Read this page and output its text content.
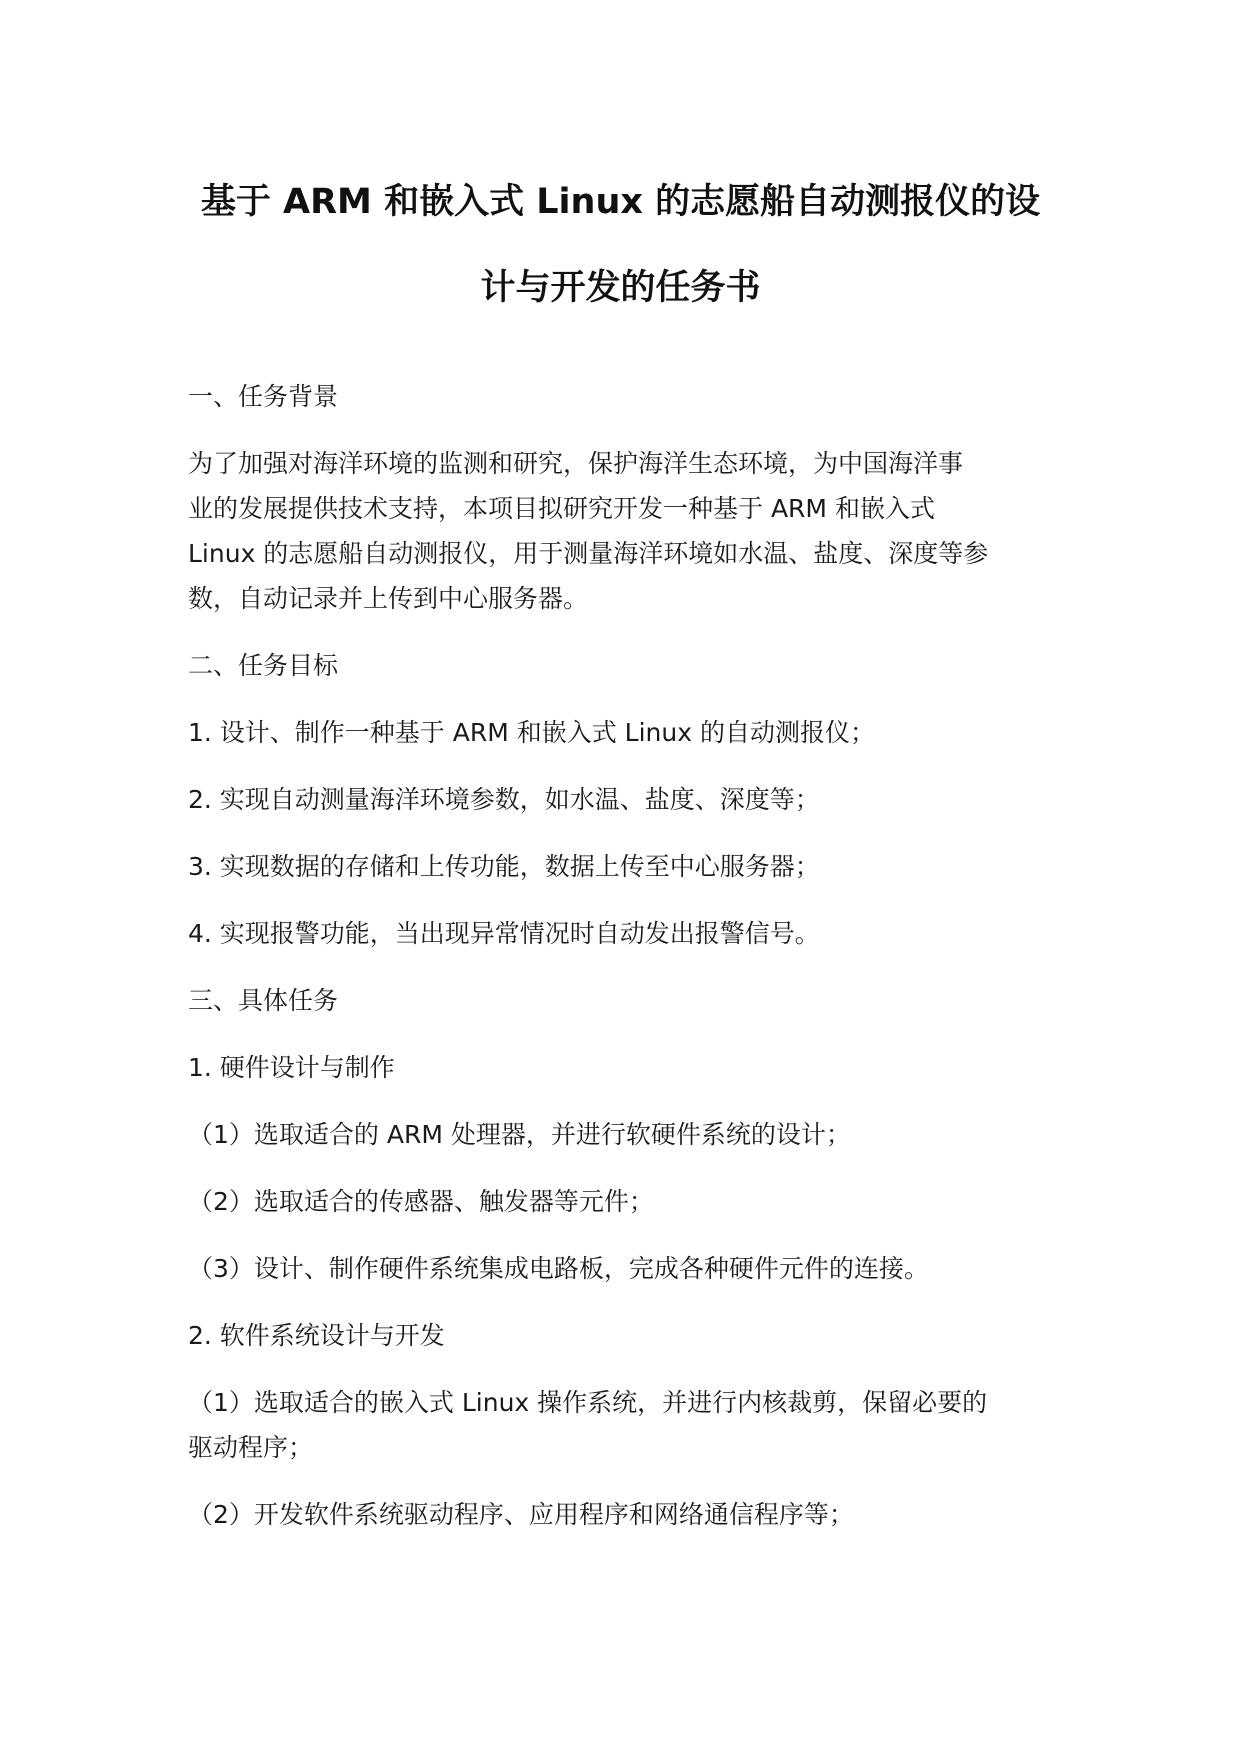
基于 ARM 和嵌入式 Linux 的志愿船自动测报仪的设
计与开发的任务书
一、任务背景
为了加强对海洋环境的监测和研究，保护海洋生态环境，为中国海洋事
业的发展提供技术支持，本项目拟研究开发一种基于 ARM 和嵌入式
Linux 的志愿船自动测报仪，用于测量海洋环境如水温、盐度、深度等参
数，自动记录并上传到中心服务器。
二、任务目标
1. 设计、制作一种基于 ARM 和嵌入式 Linux 的自动测报仪；
2. 实现自动测量海洋环境参数，如水温、盐度、深度等；
3. 实现数据的存储和上传功能，数据上传至中心服务器；
4. 实现报警功能，当出现异常情况时自动发出报警信号。
三、具体任务
1. 硬件设计与制作
（1）选取适合的 ARM 处理器，并进行软硬件系统的设计；
（2）选取适合的传感器、触发器等元件；
（3）设计、制作硬件系统集成电路板，完成各种硬件元件的连接。
2. 软件系统设计与开发
（1）选取适合的嵌入式 Linux 操作系统，并进行内核裁剪，保留必要的
驱动程序；
（2）开发软件系统驱动程序、应用程序和网络通信程序等；
